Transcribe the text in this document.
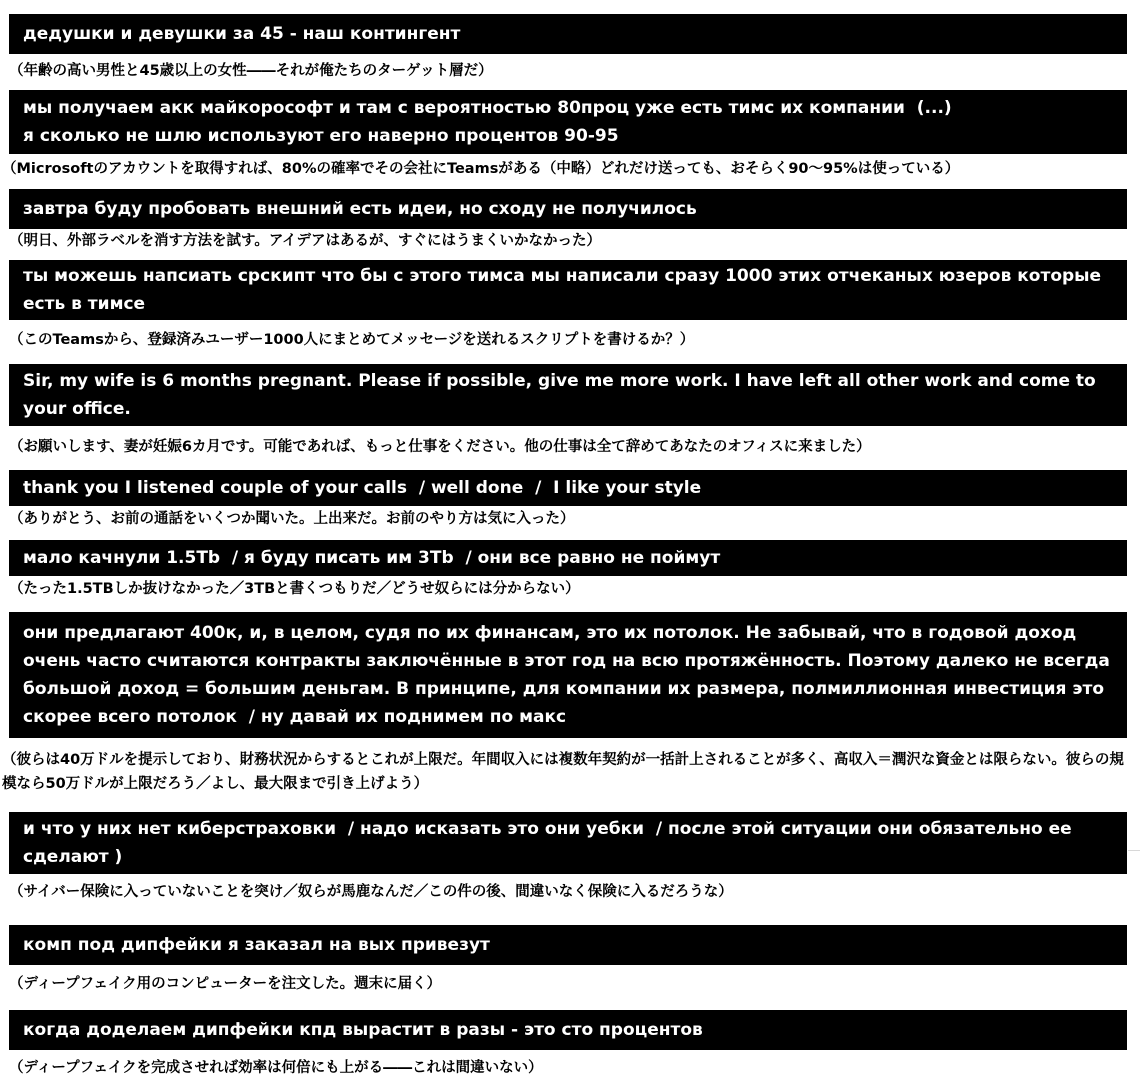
дедушки и девушки за 45 - наш контингент
（年齢の高い男性と45歳以上の女性――それが俺たちのターゲット層だ）
мы получаем акк майкорософт и там с вероятностью 80проц уже есть тимс их компании  (...)
я сколько не шлю используют его наверно процентов 90-95
（Microsoftのアカウントを取得すれば、80%の確率でその会社にTeamsがある（中略）どれだけ送っても、おそらく90～95%は使っている）
завтра буду пробовать внешний есть идеи, но сходу не получилось
（明日、外部ラベルを消す方法を試す。アイデアはあるが、すぐにはうまくいかなかった）
ты можешь напсиать срскипт что бы с этого тимса мы написали сразу 1000 этих отчеканых юзеров которые есть в тимсе
（このTeamsから、登録済みユーザー1000人にまとめてメッセージを送れるスクリプトを書けるか？）
Sir, my wife is 6 months pregnant. Please if possible, give me more work. I have left all other work and come to your office.
（お願いします、妻が妊娠6カ月です。可能であれば、もっと仕事をください。他の仕事は全て辞めてあなたのオフィスに来ました）
thank you I listened couple of your calls  / well done  /  I like your style
（ありがとう、お前の通話をいくつか聞いた。上出来だ。お前のやり方は気に入った）
мало качнули 1.5Tb  / я буду писать им 3Tb  / они все равно не поймут
（たった1.5TBしか抜けなかった／3TBと書くつもりだ／どうせ奴らには分からない）
они предлагают 400к, и, в целом, судя по их финансам, это их потолок. Не забывай, что в годовой доход очень часто считаются контракты заключённые в этот год на всю протяжённость. Поэтому далеко не всегда большой доход = большим деньгам. В принципе, для компании их размера, полмиллионная инвестиция это скорее всего потолок  / ну давай их поднимем по макс
（彼らは40万ドルを提示しており、財務状況からするとこれが上限だ。年間収入には複数年契約が一括計上されることが多く、高収入＝潤沢な資金とは限らない。彼らの規模なら50万ドルが上限だろう／よし、最大限まで引き上げよう）
и что у них нет киберстраховки  / надо исказать это они уебки  / после этой ситуации они обязательно ее сделают )
（サイバー保険に入っていないことを突け／奴らが馬鹿なんだ／この件の後、間違いなく保険に入るだろうな）
комп под дипфейки я заказал на вых привезут
（ディープフェイク用のコンピューターを注文した。週末に届く）
когда доделаем дипфейки кпд вырастит в разы - это сто процентов
（ディープフェイクを完成させれば効率は何倍にも上がる――これは間違いない）
